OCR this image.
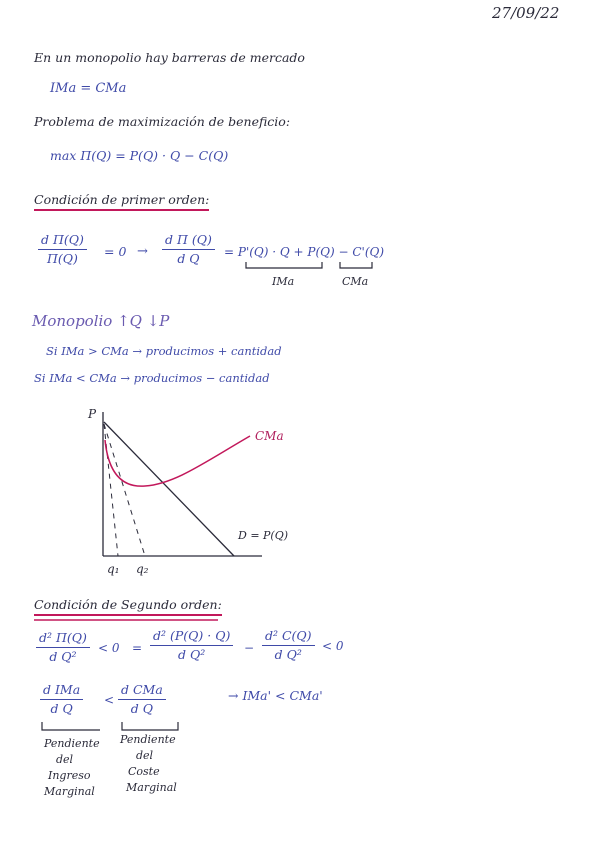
27/09/22
En un monopolio hay barreras de mercado
IMa = CMa
Problema de maximización de beneficio:
max Π(Q) = P(Q) · Q − C(Q)
Condición de primer orden:
$\frac{\text{d Π(Q)}}{\Pi(Q)} = 0 \to \frac{\text{d Π (Q)}}{\text{d Q}} = P'(Q) \cdot Q + P(Q) - C'(Q)$
IMa	CMa
Monopolio ↑Q ↓P
Si IMa > CMa → producimos + cantidad
Si IMa < CMa → producimos − cantidad
P
CMa
D = P(Q)
q₁ q₂
Condición de Segundo orden:
$\frac{\text{d² Π(Q)}}{\text{d Q²}} < 0 = \frac{\text{d² (P(Q) · Q)}}{\text{d Q²}} - \frac{\text{d² C(Q)}}{\text{d Q²}} < 0$
d IMa
d Q
<
d CMa
d Q
→ IMa' < CMa'
Pendiente
del
Ingreso
Marginal
Pendiente
del
Coste
Marginal
